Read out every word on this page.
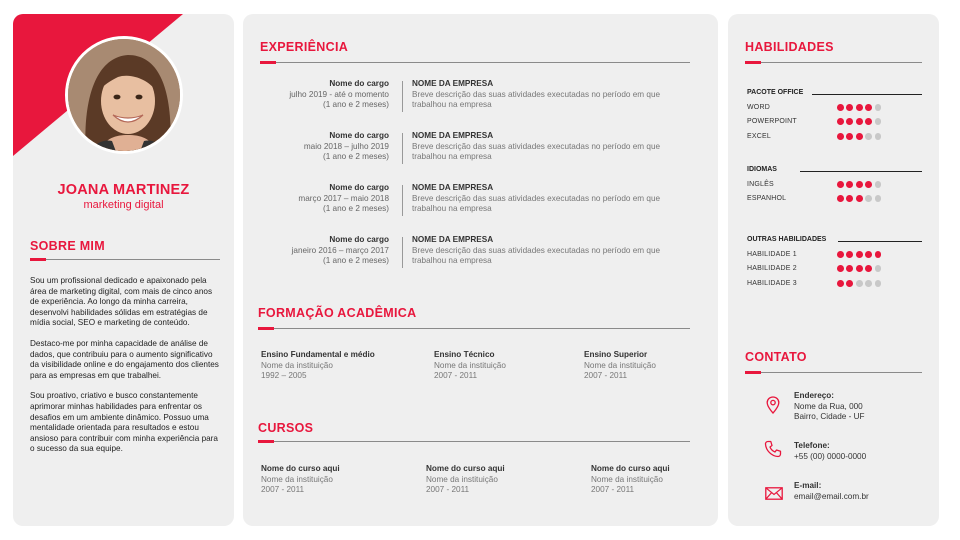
JOANA MARTINEZ
marketing digital
SOBRE MIM

Sou um profissional dedicado e apaixonado pela área de marketing digital, com mais de cinco anos de experiência. Ao longo da minha carreira, desenvolvi habilidades sólidas em estratégias de mídia social, SEO e marketing de conteúdo.

Destaco-me por minha capacidade de análise de dados, que contribuiu para o aumento significativo da visibilidade online e do engajamento dos clientes para as empresas em que trabalhei.

Sou proativo, criativo e busco constantemente aprimorar minhas habilidades para enfrentar os desafios em um ambiente dinâmico. Possuo uma mentalidade orientada para resultados e estou ansioso para contribuir com minha experiência para o sucesso da sua equipe.

EXPERIÊNCIA
Nome do cargo
julho 2019 - até o momento
(1 ano e 2 meses)
NOME DA EMPRESA
Breve descrição das suas atividades executadas no período em que trabalhou na empresa
Nome do cargo
maio 2018 – julho 2019
(1 ano e 2 meses)
NOME DA EMPRESA
Breve descrição das suas atividades executadas no período em que trabalhou na empresa
Nome do cargo
março 2017 – maio 2018
(1 ano e 2 meses)
NOME DA EMPRESA
Breve descrição das suas atividades executadas no período em que trabalhou na empresa
Nome do cargo
janeiro 2016 – março 2017
(1 ano e 2 meses)
NOME DA EMPRESA
Breve descrição das suas atividades executadas no período em que trabalhou na empresa
FORMAÇÃO ACADÊMICA
Ensino Fundamental e médio
Nome da instituição
1992 – 2005
Ensino Técnico
Nome da instituição
2007 - 2011
Ensino Superior
Nome da instituição
2007 - 2011
CURSOS
Nome do curso aqui
Nome da instituição
2007 - 2011
Nome do curso aqui
Nome da instituição
2007 - 2011
Nome do curso aqui
Nome da instituição
2007 - 2011
HABILIDADES
PACOTE OFFICE
WORD
POWERPOINT
EXCEL
IDIOMAS
INGLÊS
ESPANHOL
OUTRAS HABILIDADES
HABILIDADE 1
HABILIDADE 2
HABILIDADE 3
CONTATO
Endereço:
Nome da Rua, 000
Bairro, Cidade - UF
Telefone:
+55 (00) 0000-0000
E-mail:
email@email.com.br
